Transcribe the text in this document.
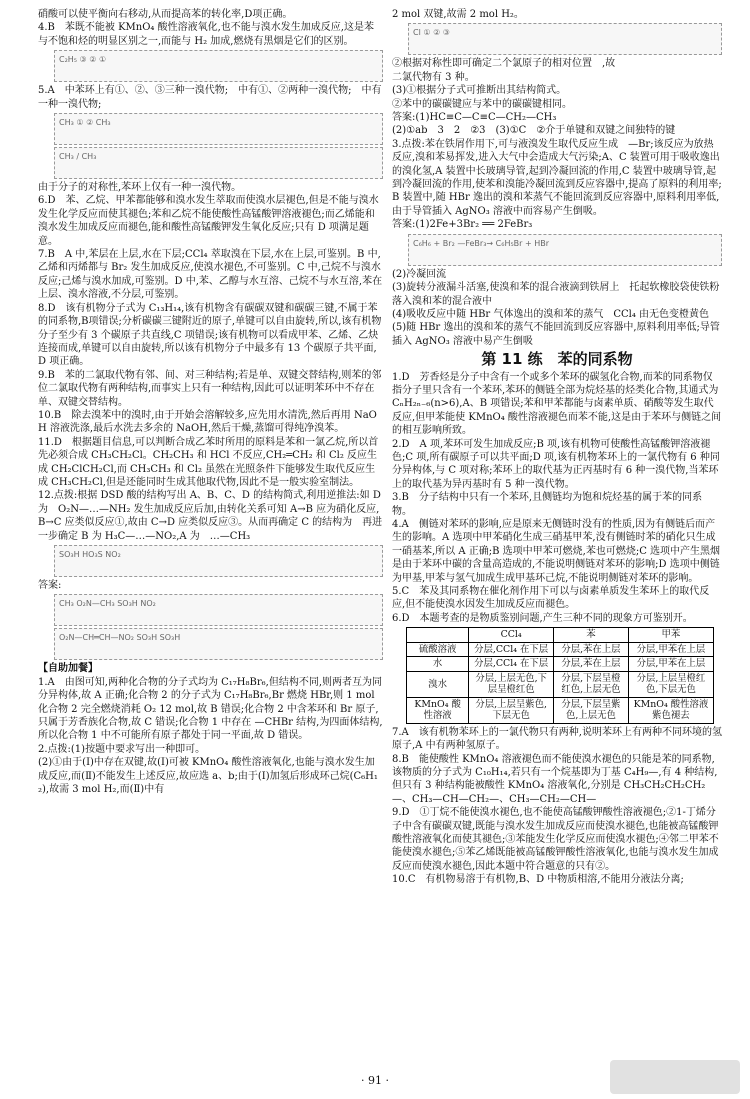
硝酸可以使平衡向右移动,从而提高苯的转化率,D项正确。

4.B　苯既不能被 KMnO₄ 酸性溶液氧化,也不能与溴水发生加成反应,这是苯与不饱和烃的明显区别之一,而能与 H₂ 加成,燃烧有黑烟是它们的区别。

C₂H₅ ③ ② ①

5.A　中苯环上有①、②、③三种一溴代物;　中有①、②两种一溴代物;　中有一种一溴代物;

CH₃ ① ② CH₃
CH₃ / CH₃

由于分子的对称性,苯环上仅有一种一溴代物。

6.D　苯、乙烷、甲苯都能够和溴水发生萃取而使溴水层褪色,但是不能与溴水发生化学反应而使其褪色;苯和乙烷不能使酸性高锰酸钾溶液褪色;而乙烯能和溴水发生加成反应而褪色,能和酸性高锰酸钾发生氧化反应;只有 D 项满足题意。

7.B　A 中,苯层在上层,水在下层;CCl₄ 萃取溴在下层,水在上层,可鉴别。B 中,乙烯和丙烯都与 Br₂ 发生加成反应,使溴水褪色,不可鉴别。C 中,己烷不与溴水反应;己烯与溴水加成,可鉴别。D 中,苯、乙醇与水互溶、己烷不与水互溶,苯在上层、溴水溶液,不分层,可鉴别。

8.D　该有机物分子式为 C₁₃H₁₄,该有机物含有碳碳双键和碳碳三键,不属于苯的同系物,B项错误;分析碳碳三键附近的原子,单键可以自由旋转,所以,该有机物分子至少有 3 个碳原子共直线,C 项错误;该有机物可以看成甲苯、乙烯、乙炔连接而成,单键可以自由旋转,所以该有机物分子中最多有 13 个碳原子共平面,D 项正确。

9.B　苯的二氯取代物有邻、间、对三种结构;若是单、双键交替结构,则苯的邻位二氯取代物有两种结构,而事实上只有一种结构,因此可以证明苯环中不存在单、双键交替结构。

10.B　除去溴苯中的溴时,由于开始会溶解较多,应先用水清洗,然后再用 NaOH 溶液洗涤,最后水洗去多余的 NaOH,然后干燥,蒸馏可得纯净溴苯。

11.D　根据题目信息,可以判断合成乙苯时所用的原料是苯和一氯乙烷,所以首先必须合成 CH₃CH₂Cl。CH₂CH₃ 和 HCl 不反应,CH₂═CH₂ 和 Cl₂ 反应生成 CH₂ClCH₂Cl,而 CH₃CH₃ 和 Cl₂ 虽然在光照条件下能够发生取代反应生成 CH₃CH₂Cl,但是还能同时生成其他取代物,因此不是一般实验室制法。

12.点拨:根据 DSD 酸的结构写出 A、B、C、D 的结构简式,利用逆推法:如 D 为　O₂N—…—NH₂ 发生加成反应后加,由转化关系可知 A→B 应为硝化反应,B→C 应类似反应①,故由 C→D 应类似反应③。从而再确定 C 的结构为　再进一步确定 B 为 H₃C—…—NO₂,A 为　…—CH₃

SO₃H HO₃S NO₂

答案:

CH₃ O₂N—CH₃ SO₃H NO₂
O₂N—CH═CH—NO₂ SO₃H SO₃H

【自助加餐】

1.A　由图可知,两种化合物的分子式均为 C₁₇H₈Br₆,但结构不同,则两者互为同分异构体,故 A 正确;化合物 2 的分子式为 C₁₇H₈Br₆,Br 燃烧 HBr,则 1 mol 化合物 2 完全燃烧消耗 O₂ 12 mol,故 B 错误;化合物 2 中含苯环和 Br 原子,只属于芳香族化合物,故 C 错误;化合物 1 中存在 —CHBr 结构,为四面体结构,所以化合物 1 中不可能所有原子都处于同一平面,故 D 错误。

2.点拨:(1)按题中要求写出一种即可。

(2)①由于(Ⅰ)中存在双键,故(Ⅰ)可被 KMnO₄ 酸性溶液氧化,也能与溴水发生加成反应,而(Ⅱ)不能发生上述反应,故应选 a、b;由于(Ⅰ)加氢后形成环己烷(C₆H₁₂),故需 3 mol H₂,而(Ⅱ)中有

2 mol 双键,故需 2 mol H₂。

Cl ① ② ③

②根据对称性即可确定二个氯原子的相对位置　,故

二氯代物有 3 种。

(3)①根据分子式可推断出其结构简式。

②苯中的碳碳键应与苯中的碳碳键相同。

答案:(1)HC≡C—C≡C—CH₂—CH₃

(2)①ab　3　2　②3　(3)①C　②介于单键和双键之间独特的键

3.点拨:苯在铁屑作用下,可与液溴发生取代反应生成　—Br;该反应为放热反应,溴和苯易挥发,进入大气中会造成大气污染;A、C 装置可用于吸收逸出的溴化氢,A 装置中长玻璃导管,起到冷凝回流的作用,C 装置中玻璃导管,起到冷凝回流的作用,使苯和溴能冷凝回流到反应容器中,提高了原料的利用率;B 装置中,随 HBr 逸出的溴和苯蒸气不能回流到反应容器中,原料利用率低,由于导管插入 AgNO₃ 溶液中而容易产生倒吸。

答案:(1)2Fe+3Br₂ ══ 2FeBr₃

C₆H₆ + Br₂ —FeBr₃→ C₆H₅Br + HBr

(2)冷凝回流

(3)旋转分液漏斗活塞,使溴和苯的混合液滴到铁屑上　托起软橡胶袋使铁粉落入溴和苯的混合液中

(4)吸收反应中随 HBr 气体逸出的溴和苯的蒸气　CCl₄ 由无色变橙黄色

(5)随 HBr 逸出的溴和苯的蒸气不能回流到反应容器中,原料利用率低;导管插入 AgNO₃ 溶液中易产生倒吸

第 11 练　苯的同系物

1.D　芳香烃是分子中含有一个或多个苯环的碳氢化合物,而苯的同系物仅指分子里只含有一个苯环,苯环的侧链全部为烷烃基的烃类化合物,其通式为 CₙH₂ₙ₋₆(n>6),A、B 项错误;苯和甲苯都能与卤素单质、硝酸等发生取代反应,但甲苯能使 KMnO₄ 酸性溶液褪色而苯不能,这是由于苯环与侧链之间的相互影响所致。

2.D　A 项,苯环可发生加成反应;B 项,该有机物可使酸性高锰酸钾溶液褪色;C 项,所有碳原子可以共平面;D 项,该有机物苯环上的一氯代物有 6 种同分异构体,与 C 项对称;苯环上的取代基为正丙基时有 6 种一溴代物,当苯环上的取代基为异丙基时有 5 种一溴代物。

3.B　分子结构中只有一个苯环,且侧链均为饱和烷烃基的属于苯的同系物。

4.A　侧链对苯环的影响,应是原来无侧链时没有的性质,因为有侧链后而产生的影响。A 选项中甲苯硝化生成三硝基甲苯,没有侧链时苯的硝化只生成一硝基苯,所以 A 正确;B 选项中甲苯可燃烧,苯也可燃烧;C 选项中产生黑烟是由于苯环中碳的含量高造成的,不能说明侧链对苯环的影响;D 选项中侧链为甲基,甲苯与氢气加成生成甲基环己烷,不能说明侧链对苯环的影响。

5.C　苯及其同系物在催化剂作用下可以与卤素单质发生苯环上的取代反应,但不能使溴水因发生加成反应而褪色。

6.D　本题考查的是物质鉴别问题,产生三种不同的现象方可鉴别开。

	CCl₄	苯	甲苯
硫酸溶液	分层,CCl₄ 在下层	分层,苯在上层	分层,甲苯在上层
水	分层,CCl₄ 在下层	分层,苯在上层	分层,甲苯在上层
溴水	分层,上层无色,下层呈橙红色	分层,下层呈橙红色,上层无色	分层,上层呈橙红色,下层无色
KMnO₄ 酸性溶液	分层,上层呈紫色,下层无色	分层,下层呈紫色,上层无色	KMnO₄ 酸性溶液紫色褪去

7.A　该有机物苯环上的一氯代物只有两种,说明苯环上有两种不同环境的氢原子,A 中有两种氢原子。

8.B　能使酸性 KMnO₄ 溶液褪色而不能使溴水褪色的只能是苯的同系物,该物质的分子式为 C₁₀H₁₄,若只有一个烷基即为丁基 C₄H₉—,有 4 种结构,但只有 3 种结构能被酸性 KMnO₄ 溶液氧化,分别是 CH₃CH₂CH₂CH₂—、CH₃—CH—CH₂—、CH₃—CH₂—CH—

9.D　①丁烷不能使溴水褪色,也不能使高锰酸钾酸性溶液褪色;②1-丁烯分子中含有碳碳双键,既能与溴水发生加成反应而使溴水褪色,也能被高锰酸钾酸性溶液氧化而使其褪色;③苯能发生化学反应而使溴水褪色;④邻二甲苯不能使溴水褪色;⑤苯乙烯既能被高锰酸钾酸性溶液氧化,也能与溴水发生加成反应而使溴水褪色,因此本题中符合题意的只有②。

10.C　有机物易溶于有机物,B、D 中物质相溶,不能用分液法分离;

· 91 ·
